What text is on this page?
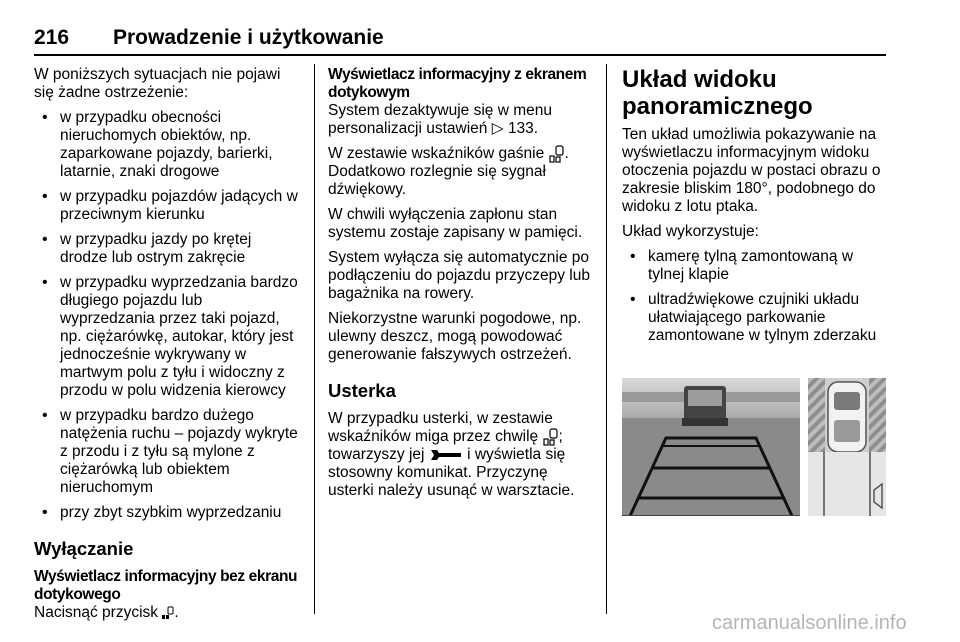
216 Prowadzenie i użytkowanie

W poniższych sytuacjach nie pojawi się żadne ostrzeżenie:

• w przypadku obecności nieruchomych obiektów, np. zaparkowane pojazdy, barierki, latarnie, znaki drogowe
• w przypadku pojazdów jadących w przeciwnym kierunku
• w przypadku jazdy po krętej drodze lub ostrym zakręcie
• w przypadku wyprzedzania bardzo długiego pojazdu lub wyprzedzania przez taki pojazd, np. ciężarówkę, autokar, który jest jednocześnie wykrywany w martwym polu z tyłu i widoczny z przodu w polu widzenia kierowcy
• w przypadku bardzo dużego natężenia ruchu – pojazdy wykryte z przodu i z tyłu są mylone z ciężarówką lub obiektem nieruchomym
• przy zbyt szybkim wyprzedzaniu
Wyłączanie
Wyświetlacz informacyjny bez ekranu dotykowego
Nacisnąć przycisk .
Wyświetlacz informacyjny z ekranem dotykowym

System dezaktywuje się w menu personalizacji ustawień ▷ 133.

W zestawie wskaźników gaśnie . Dodatkowo rozlegnie się sygnał dźwiękowy.

W chwili wyłączenia zapłonu stan systemu zostaje zapisany w pamięci.

System wyłącza się automatycznie po podłączeniu do pojazdu przyczepy lub bagażnika na rowery.

Niekorzystne warunki pogodowe, np. ulewny deszcz, mogą powodować generowanie fałszywych ostrzeżeń.

Usterka

W przypadku usterki, w zestawie wskaźników miga przez chwilę ; towarzyszy jej	i wyświetla się stosowny komunikat. Przyczynę usterki należy usunąć w warsztacie.

Układ widoku panoramicznego

Ten układ umożliwia pokazywanie na wyświetlaczu informacyjnym widoku otoczenia pojazdu w postaci obrazu o zakresie bliskim 180°, podobnego do widoku z lotu ptaka.

Układ wykorzystuje:

• kamerę tylną zamontowaną w tylnej klapie
• ultradźwiękowe czujniki układu ułatwiającego parkowanie zamontowane w tylnym zderzaku
carmanualsonline.info
